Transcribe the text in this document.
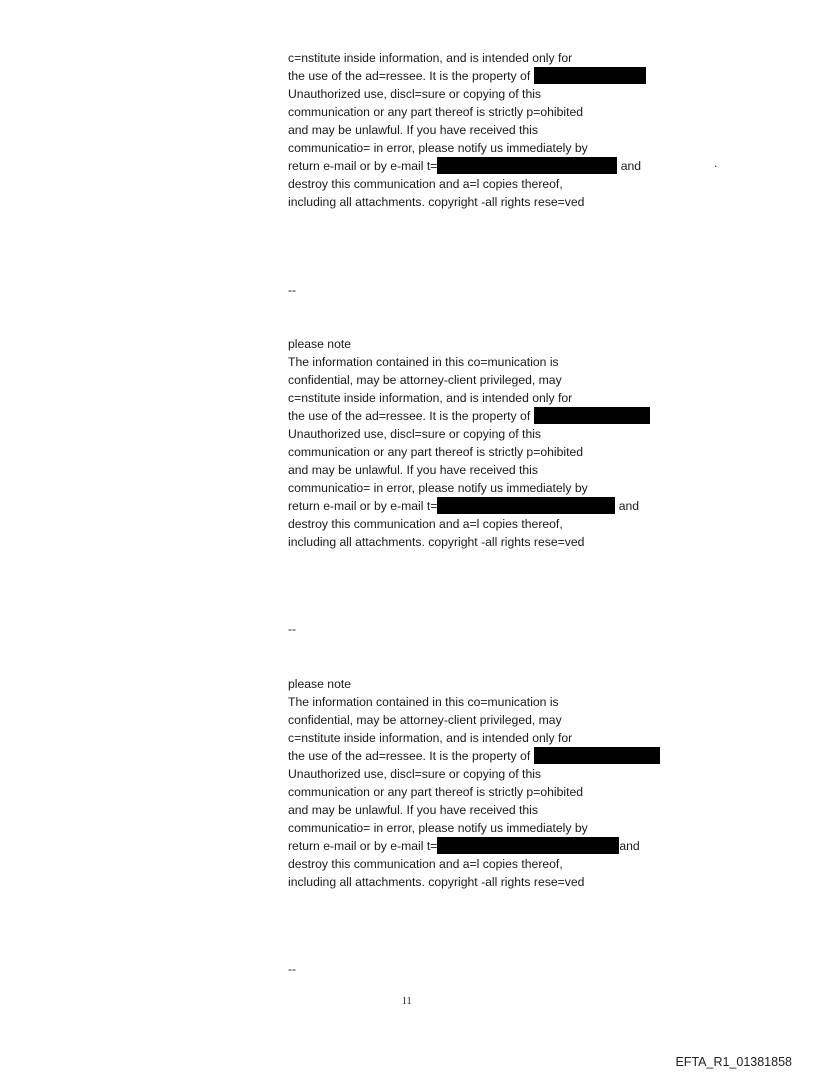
.
c=nstitute inside information, and is intended only for
the use of the ad=ressee. It is the property of
Unauthorized use, discl=sure or copying of this
communication or any part thereof is strictly p=ohibited
and may be unlawful. If you have received this
communicatio= in error, please notify us immediately by
return e-mail or by e-mail t=	and
destroy this communication and a=l copies thereof,
including all attachments. copyright -all rights rese=ved
--
please note
The information contained in this co=munication is
confidential, may be attorney-client privileged, may
c=nstitute inside information, and is intended only for
the use of the ad=ressee. It is the property of
Unauthorized use, discl=sure or copying of this
communication or any part thereof is strictly p=ohibited
and may be unlawful. If you have received this
communicatio= in error, please notify us immediately by
return e-mail or by e-mail t=	and
destroy this communication and a=l copies thereof,
including all attachments. copyright -all rights rese=ved
--
please note
The information contained in this co=munication is
confidential, may be attorney-client privileged, may
c=nstitute inside information, and is intended only for
the use of the ad=ressee. It is the property of
Unauthorized use, discl=sure or copying of this
communication or any part thereof is strictly p=ohibited
and may be unlawful. If you have received this
communicatio= in error, please notify us immediately by
return e-mail or by e-mail t=	and
destroy this communication and a=l copies thereof,
including all attachments. copyright -all rights rese=ved
--
11
EFTA_R1_01381858
